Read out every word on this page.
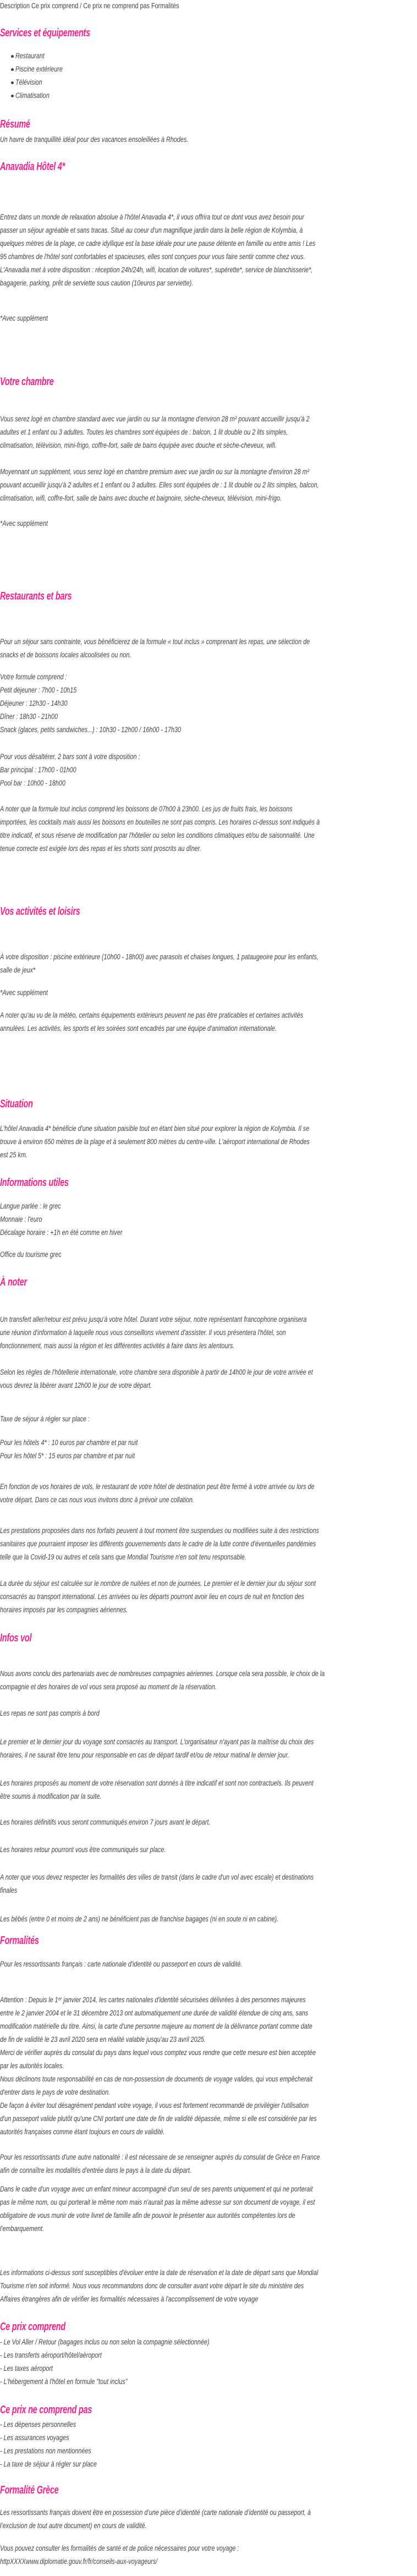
Description Ce prix comprend / Ce prix ne comprend pas Formalités
Services et équipements
Restaurant
Piscine extérieure
Télévision
Climatisation
Résumé
Un havre de tranquillité idéal pour des vacances ensoleillées à Rhodes.
Anavadia Hôtel 4*
Entrez dans un monde de relaxation absolue à l'hôtel Anavadia 4*, il vous offrira tout ce dont vous avez besoin pour
passer un séjour agréable et sans tracas. Situé au coeur d'un magnifique jardin dans la belle région de Kolymbia, à
quelques mètres de la plage, ce cadre idyllique est la base idéale pour une pause détente en famille ou entre amis ! Les
95 chambres de l'hôtel sont confortables et spacieuses, elles sont conçues pour vous faire sentir comme chez vous.
L'Anavadia met à votre disposition : réception 24h/24h, wifi, location de voitures*, supérette*, service de blanchisserie*,
bagagerie, parking, prêt de serviette sous caution (10euros par serviette).
*Avec supplément
Votre chambre
Vous serez logé en chambre standard avec vue jardin ou sur la montagne d'environ 28 m² pouvant accueillir jusqu'à 2
adultes et 1 enfant ou 3 adultes. Toutes les chambres sont équipées de : balcon, 1 lit double ou 2 lits simples,
climatisation, télévision, mini-frigo, coffre-fort, salle de bains équipée avec douche et sèche-cheveux, wifi.
Moyennant un supplément, vous serez logé en chambre premium avec vue jardin ou sur la montagne d'environ 28 m²
pouvant accueillir jusqu'à 2 adultes et 1 enfant ou 3 adultes. Elles sont équipées de : 1 lit double ou 2 lits simples, balcon,
climatisation, wifi, coffre-fort, salle de bains avec douche et baignoire, sèche-cheveux, télévision, mini-frigo.
*Avec supplément
Restaurants et bars
Pour un séjour sans contrainte, vous bénéficierez de la formule « tout inclus » comprenant les repas, une sélection de
snacks et de boissons locales alcoolisées ou non.
Votre formule comprend :
Petit déjeuner : 7h00 - 10h15
Déjeuner : 12h30 - 14h30
Dîner : 18h30 - 21h00
Snack (glaces, petits sandwiches...) : 10h30 - 12h00 / 16h00 - 17h30
Pour vous désaltérer, 2 bars sont à votre disposition :
Bar principal : 17h00 - 01h00
Pool bar : 10h00 - 18h00
A noter que la formule tout inclus comprend les boissons de 07h00 à 23h00. Les jus de fruits frais, les boissons
importées, les cocktails mais aussi les boissons en bouteilles ne sont pas compris. Les horaires ci-dessus sont indiqués à
titre indicatif, et sous réserve de modification par l'hôtelier ou selon les conditions climatiques et/ou de saisonnalité. Une
tenue correcte est exigée lors des repas et les shorts sont proscrits au dîner.
Vos activités et loisirs
À votre disposition : piscine extérieure (10h00 - 18h00) avec parasols et chaises longues, 1 pataugeoire pour les enfants,
salle de jeux*
*Avec supplément
A noter qu'au vu de la météo, certains équipements extérieurs peuvent ne pas être praticables et certaines activités
annulées. Les activités, les sports et les soirées sont encadrés par une équipe d'animation internationale.
Situation
L'hôtel Anavadia 4* bénéficie d'une situation paisible tout en étant bien situé pour explorer la région de Kolymbia. Il se
trouve à environ 650 mètres de la plage et à seulement 800 mètres du centre-ville. L'aéroport international de Rhodes
est 25 km.
Informations utiles
Langue parlée : le grec
Monnaie : l'euro
Décalage horaire : +1h en été comme en hiver
Office du tourisme grec
À noter
Un transfert aller/retour est prévu jusqu'à votre hôtel. Durant votre séjour, notre représentant francophone organisera
une réunion d'information à laquelle nous vous conseillons vivement d'assister. Il vous présentera l'hôtel, son
fonctionnement, mais aussi la région et les différentes activités à faire dans les alentours.
Selon les règles de l'hôtellerie internationale, votre chambre sera disponible à partir de 14h00 le jour de votre arrivée et
vous devrez la libérer avant 12h00 le jour de votre départ.
Taxe de séjour à régler sur place :
Pour les hôtels 4* : 10 euros par chambre et par nuit
Pour les hôtel 5* : 15 euros par chambre et par nuit
En fonction de vos horaires de vols, le restaurant de votre hôtel de destination peut être fermé à votre arrivée ou lors de
votre départ. Dans ce cas nous vous invitons donc à prévoir une collation.
Les prestations proposées dans nos forfaits peuvent à tout moment être suspendues ou modifiées suite à des restrictions
sanitaires que pourraient imposer les différents gouvernements dans le cadre de la lutte contre d'éventuelles pandémies
telle que la Covid-19 ou autres et cela sans que Mondial Tourisme n'en soit tenu responsable.
La durée du séjour est calculée sur le nombre de nuitées et non de journées. Le premier et le dernier jour du séjour sont
consacrés au transport international. Les arrivées ou les départs pourront avoir lieu en cours de nuit en fonction des
horaires imposés par les compagnies aériennes.
Infos vol
Nous avons conclu des partenariats avec de nombreuses compagnies aériennes. Lorsque cela sera possible, le choix de la
compagnie et des horaires de vol vous sera proposé au moment de la réservation.
Les repas ne sont pas compris à bord
Le premier et le dernier jour du voyage sont consacrés au transport. L'organisateur n'ayant pas la maîtrise du choix des
horaires, il ne saurait être tenu pour responsable en cas de départ tardif et/ou de retour matinal le dernier jour.
Les horaires proposés au moment de votre réservation sont donnés à titre indicatif et sont non contractuels. Ils peuvent
être soumis à modification par la suite.
Les horaires définitifs vous seront communiqués environ 7 jours avant le départ.
Les horaires retour pourront vous être communiqués sur place.
A noter que vous devez respecter les formalités des villes de transit (dans le cadre d'un vol avec escale) et destinations
finales
Les bébés (entre 0 et moins de 2 ans) ne bénéficient pas de franchise bagages (ni en soute ni en cabine).
Formalités
Pour les ressortissants français : carte nationale d'identité ou passeport en cours de validité.
Attention : Depuis le 1ᵉʳ janvier 2014, les cartes nationales d'identité sécurisées délivrées à des personnes majeures
entre le 2 janvier 2004 et le 31 décembre 2013 ont automatiquement une durée de validité étendue de cinq ans, sans
modification matérielle du titre. Ainsi, la carte d'une personne majeure au moment de la délivrance portant comme date
de fin de validité le 23 avril 2020 sera en réalité valable jusqu'au 23 avril 2025.
Merci de vérifier auprès du consulat du pays dans lequel vous comptez vous rendre que cette mesure est bien acceptée
par les autorités locales.
Nous déclinons toute responsabilité en cas de non-possession de documents de voyage valides, qui vous empêcherait
d'entrer dans le pays de votre destination.
De façon à éviter tout désagrément pendant votre voyage, il vous est fortement recommandé de privilégier l'utilisation
d'un passeport valide plutôt qu'une CNI portant une date de fin de validité dépassée, même si elle est considérée par les
autorités françaises comme étant toujours en cours de validité.
Pour les ressortissants d'une autre nationalité : il est nécessaire de se renseigner auprès du consulat de Grèce en France
afin de connaître les modalités d'entrée dans le pays à la date du départ.
Dans le cadre d'un voyage avec un enfant mineur accompagné d'un seul de ses parents uniquement et qui ne porterait
pas le même nom, ou qui porterait le même nom mais n'aurait pas la même adresse sur son document de voyage, il est
obligatoire de vous munir de votre livret de famille afin de pouvoir le présenter aux autorités compétentes lors de
l'embarquement.
Les informations ci-dessus sont susceptibles d'évoluer entre la date de réservation et la date de départ sans que Mondial
Tourisme n'en soit informé. Nous vous recommandons donc de consulter avant votre départ le site du ministère des
Affaires étrangères afin de vérifier les formalités nécessaires à l'accomplissement de votre voyage
Ce prix comprend
- Le Vol Aller / Retour (bagages inclus ou non selon la compagnie sélectionnée)
- Les transferts aéroport/hôtel/aéroport
- Les taxes aéroport
- L'hébergement à l'hôtel en formule "tout inclus"
Ce prix ne comprend pas
- Les dépenses personnelles
- Les assurances voyages
- Les prestations non mentionnées
- La taxe de séjour à régler sur place
Formalité Grèce
Les ressortissants français doivent être en possession d’une pièce d’identité (carte nationale d’identité ou passeport, à
l’exclusion de tout autre document) en cours de validité.
Vous pouvez consulter les formalités de santé et de police nécessaires pour votre voyage :
httpXXXXwww.diplomatie.gouv.fr/fr/conseils-aux-voyageurs/
